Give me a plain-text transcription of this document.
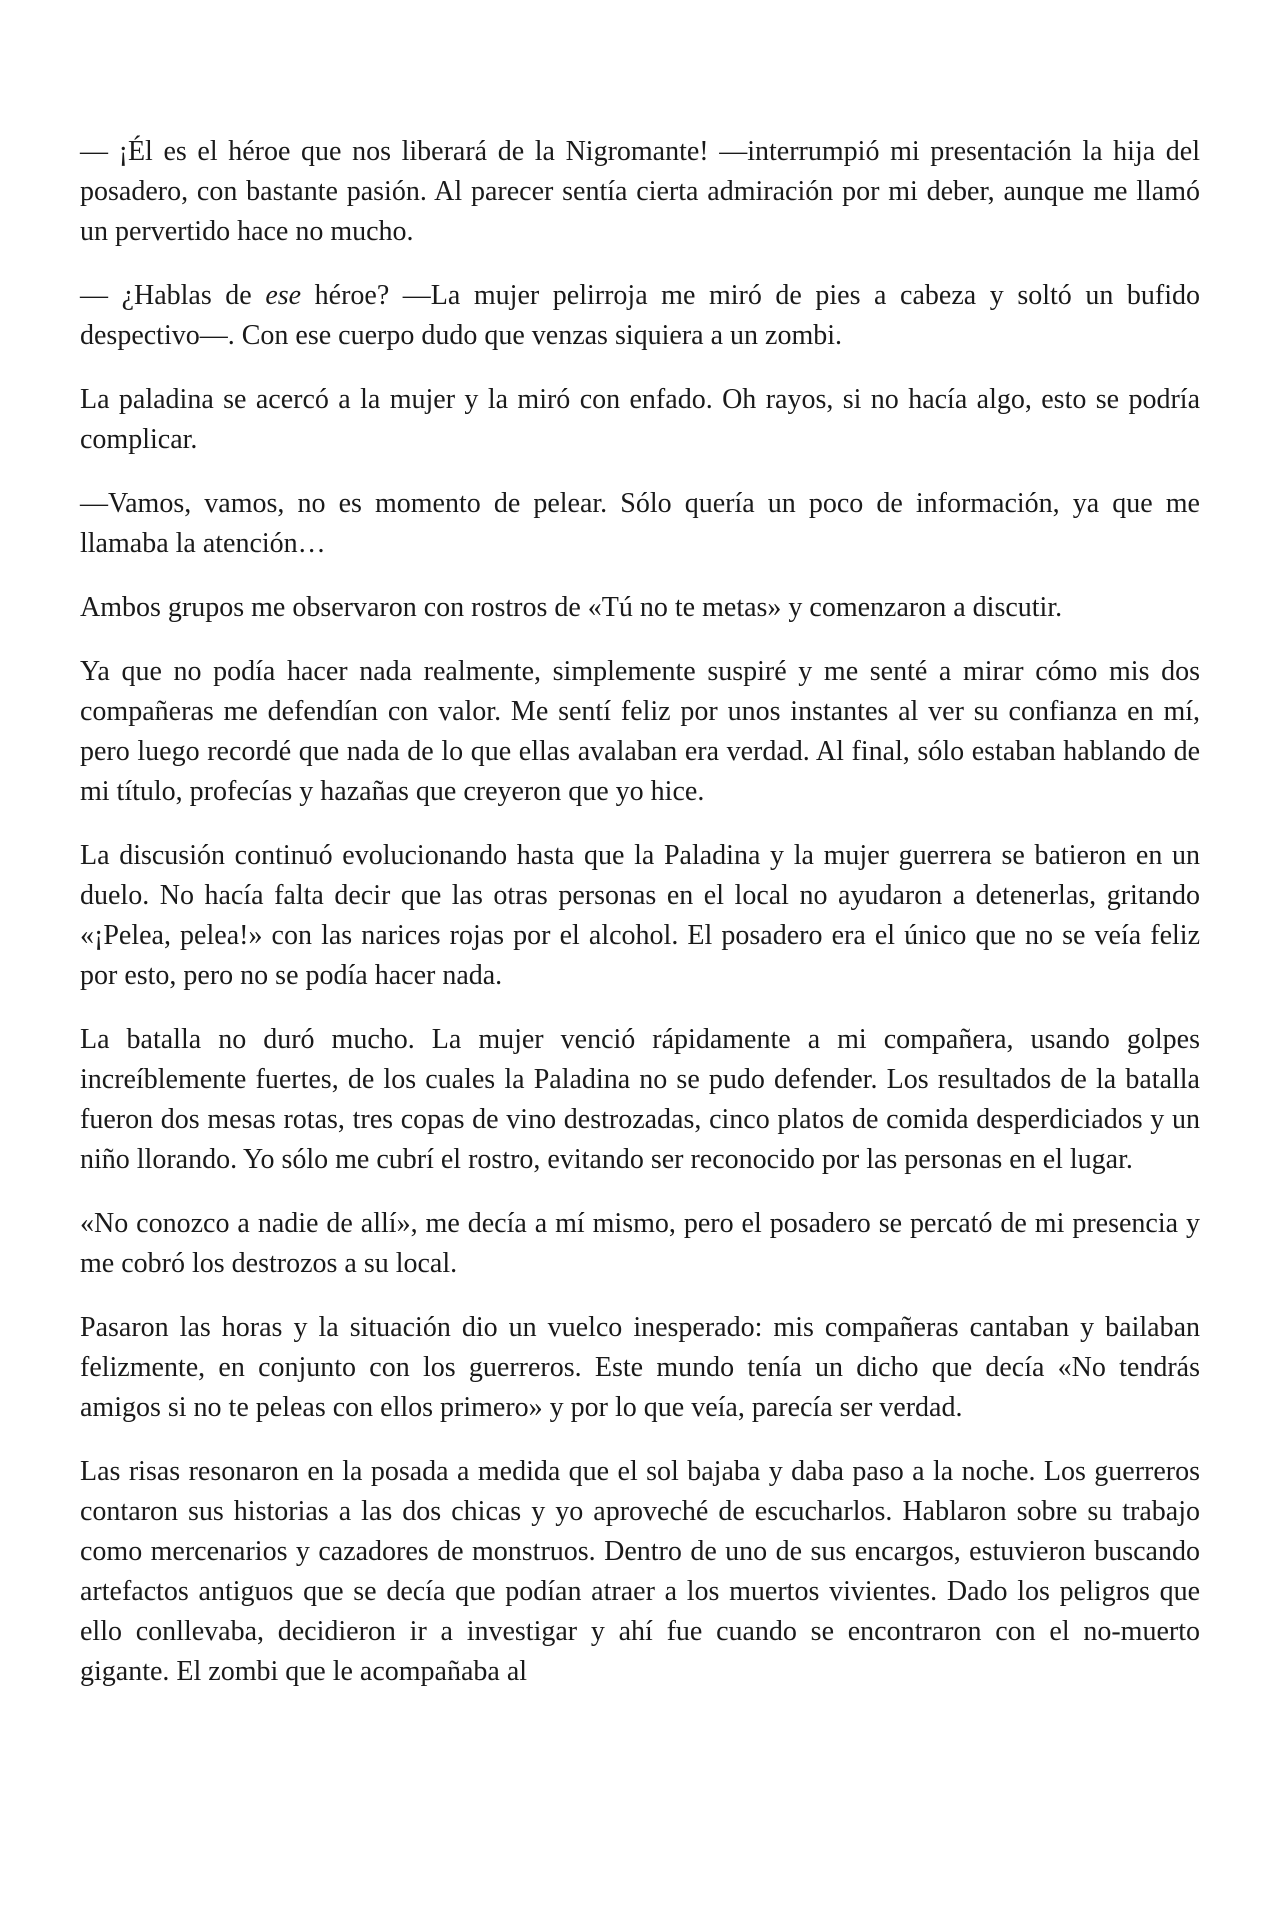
— ¡Él es el héroe que nos liberará de la Nigromante! —interrumpió mi presentación la hija del posadero, con bastante pasión. Al parecer sentía cierta admiración por mi deber, aunque me llamó un pervertido hace no mucho.

— ¿Hablas de ese héroe? —La mujer pelirroja me miró de pies a cabeza y soltó un bufido despectivo—. Con ese cuerpo dudo que venzas siquiera a un zombi.

La paladina se acercó a la mujer y la miró con enfado. Oh rayos, si no hacía algo, esto se podría complicar.

—Vamos, vamos, no es momento de pelear. Sólo quería un poco de información, ya que me llamaba la atención…

Ambos grupos me observaron con rostros de «Tú no te metas» y comenzaron a discutir.

Ya que no podía hacer nada realmente, simplemente suspiré y me senté a mirar cómo mis dos compañeras me defendían con valor. Me sentí feliz por unos instantes al ver su confianza en mí, pero luego recordé que nada de lo que ellas avalaban era verdad. Al final, sólo estaban hablando de mi título, profecías y hazañas que creyeron que yo hice.

La discusión continuó evolucionando hasta que la Paladina y la mujer guerrera se batieron en un duelo. No hacía falta decir que las otras personas en el local no ayudaron a detenerlas, gritando «¡Pelea, pelea!» con las narices rojas por el alcohol. El posadero era el único que no se veía feliz por esto, pero no se podía hacer nada.

La batalla no duró mucho. La mujer venció rápidamente a mi compañera, usando golpes increíblemente fuertes, de los cuales la Paladina no se pudo defender. Los resultados de la batalla fueron dos mesas rotas, tres copas de vino destrozadas, cinco platos de comida desperdiciados y un niño llorando. Yo sólo me cubrí el rostro, evitando ser reconocido por las personas en el lugar.

«No conozco a nadie de allí», me decía a mí mismo, pero el posadero se percató de mi presencia y me cobró los destrozos a su local.

Pasaron las horas y la situación dio un vuelco inesperado: mis compañeras cantaban y bailaban felizmente, en conjunto con los guerreros. Este mundo tenía un dicho que decía «No tendrás amigos si no te peleas con ellos primero» y por lo que veía, parecía ser verdad.

Las risas resonaron en la posada a medida que el sol bajaba y daba paso a la noche. Los guerreros contaron sus historias a las dos chicas y yo aproveché de escucharlos. Hablaron sobre su trabajo como mercenarios y cazadores de monstruos. Dentro de uno de sus encargos, estuvieron buscando artefactos antiguos que se decía que podían atraer a los muertos vivientes. Dado los peligros que ello conllevaba, decidieron ir a investigar y ahí fue cuando se encontraron con el no-muerto gigante. El zombi que le acompañaba al
